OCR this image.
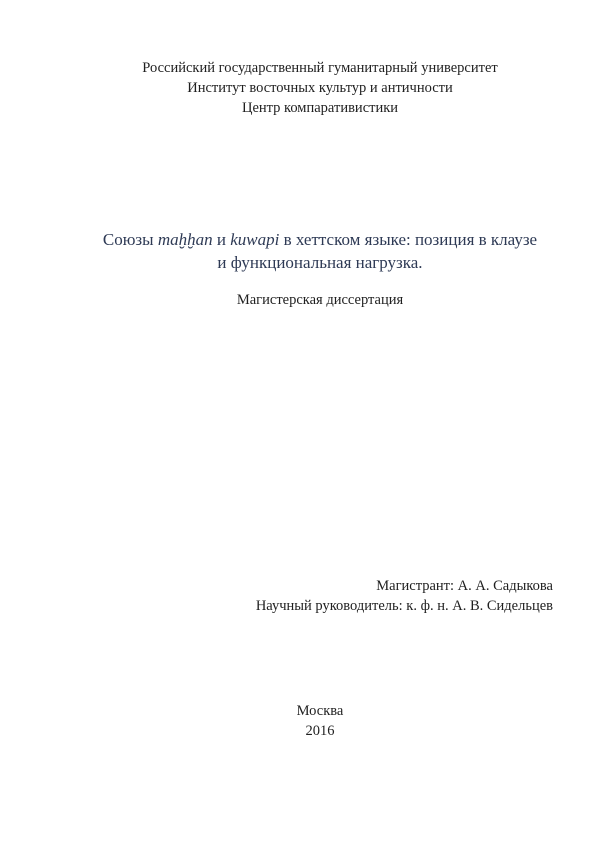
Российский государственный гуманитарный университет
Институт восточных культур и античности
Центр компаративистики
Союзы maḫḫan и kuwapi в хеттском языке: позиция в клаузе
и функциональная нагрузка.
Магистерская диссертация
Магистрант: А. А. Садыкова
Научный руководитель: к. ф. н. А. В. Сидельцев
Москва
2016
